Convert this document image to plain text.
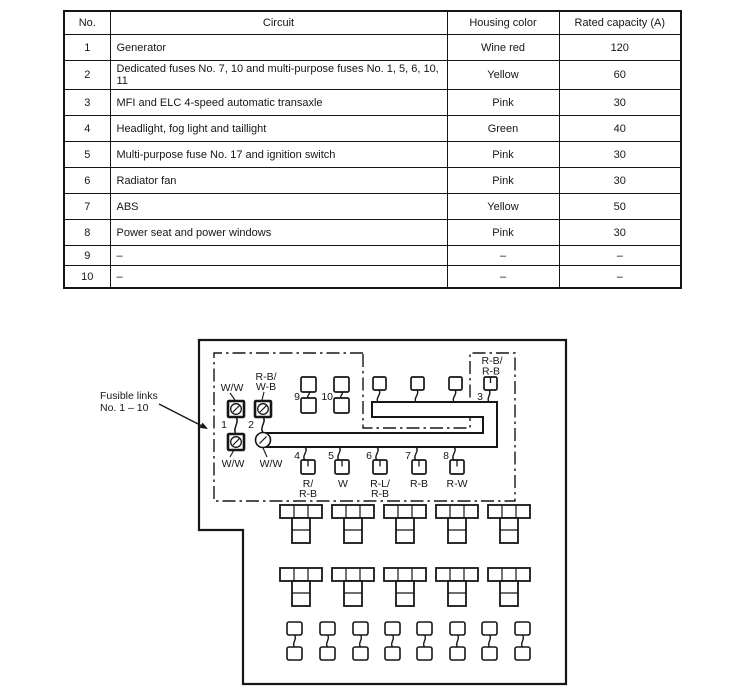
No.	Circuit	Housing color	Rated capacity (A)
1	Generator	Wine red	120
2	Dedicated fuses No. 7, 10 and multi-purpose fuses No. 1, 5, 6, 10, 11	Yellow	60
3	MFI and ELC 4-speed automatic transaxle	Pink	30
4	Headlight, fog light and taillight	Green	40
5	Multi-purpose fuse No. 17 and ignition switch	Pink	30
6	Radiator fan	Pink	30
7	ABS	Yellow	50
8	Power seat and power windows	Pink	30
9	–	–	–
10	–	–	–
Fusible links
No. 1 – 10
1
W/W
W/W
2
R-B/
W-B
W/W
9 10	3
R-B/
R-B
4
R/
R-B
5
W
6
R-L/
R-B
7
R-B
8
R-W
